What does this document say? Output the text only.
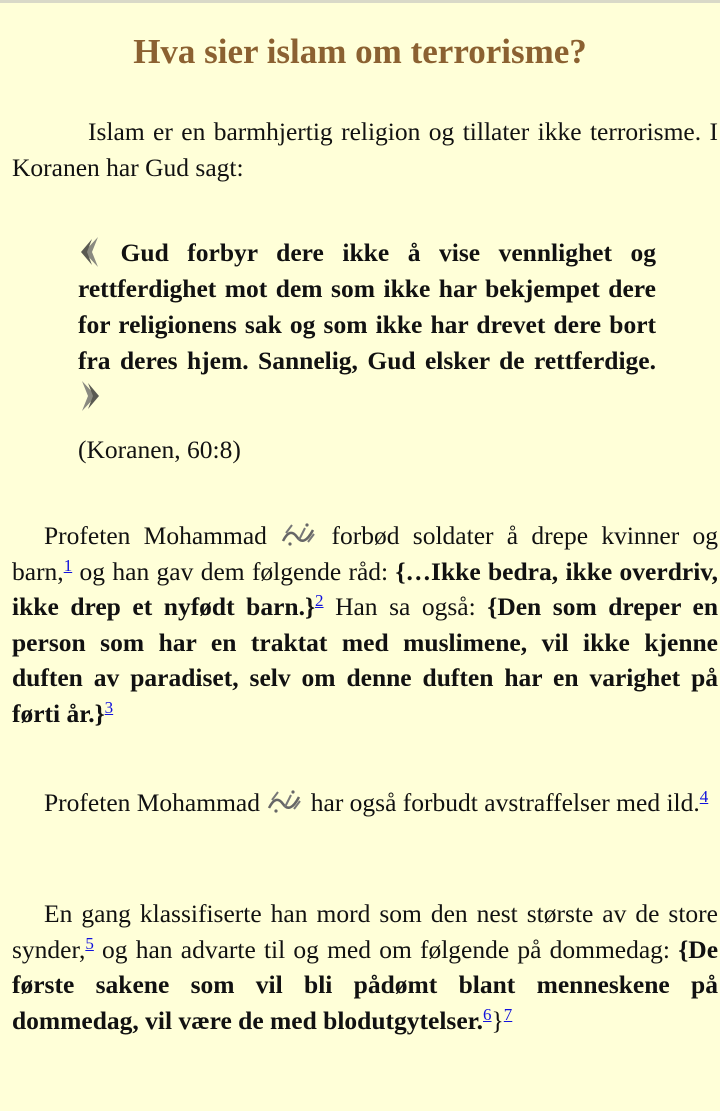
Hva sier islam om terrorisme?

Islam er en barmhjertig religion og tillater ikke terrorisme. I Koranen har Gud sagt:

Gud forbyr dere ikke å vise vennlighet og rettferdighet mot dem som ikke har bekjempet dere for religionens sak og som ikke har drevet dere bort fra deres hjem. Sannelig, Gud elsker de rettferdige.

(Koranen, 60:8)

Profeten Mohammad	forbød soldater å drepe kvinner og barn,$^1$ og han gav dem følgende råd: {…Ikke bedra, ikke overdriv, ikke drep et nyfødt barn.}$^2$ Han sa også: {Den som dreper en person som har en traktat med muslimene, vil ikke kjenne duften av paradiset, selv om denne duften har en varighet på førti år.}$^3$

Profeten Mohammad har også forbudt avstraffelser med ild.$^4$

En gang klassifiserte han mord som den nest største av de store synder,$^5$ og han advarte til og med om følgende på dommedag: {De første sakene som vil bli pådømt blant menneskene på dommedag, vil være de med blodutgytelser.$^6$}$^7$
